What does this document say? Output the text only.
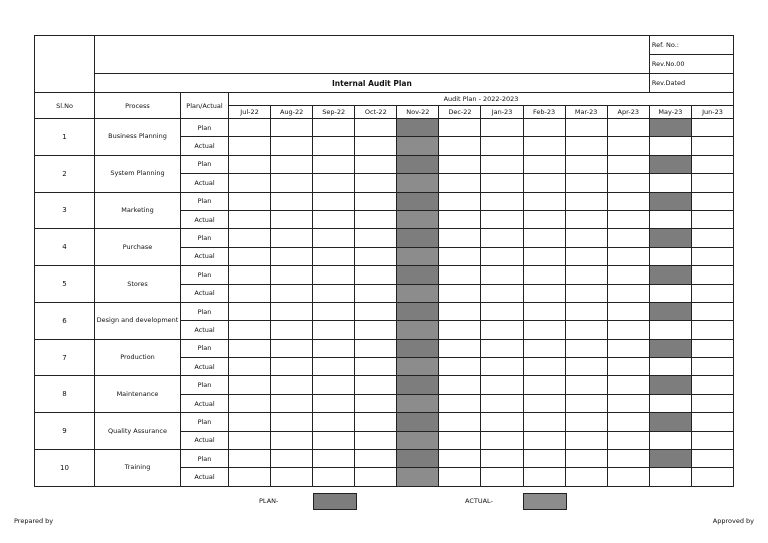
													Ref. No.:	
													Rev.No.00	
	Internal Audit Plan												Rev.Dated	
Sl.No	Process	Plan/Actual	Audit Plan - 2022-2023											
			Jul-22	Aug-22	Sep-22	Oct-22	Nov-22	Dec-22	Jan-23	Feb-23	Mar-23	Apr-23	May-23	Jun-23
1	Business Planning	Plan												
		Actual												
2	System Planning	Plan												
		Actual												
3	Marketing	Plan												
		Actual												
4	Purchase	Plan												
		Actual												
5	Stores	Plan												
		Actual												
6	Design and development	Plan												
		Actual												
7	Production	Plan												
		Actual												
8	Maintenance	Plan												
		Actual												
9	Quality Assurance	Plan												
		Actual												
10	Training	Plan												
		Actual												
PLAN-	ACTUAL-
Prepared by	Approved by
